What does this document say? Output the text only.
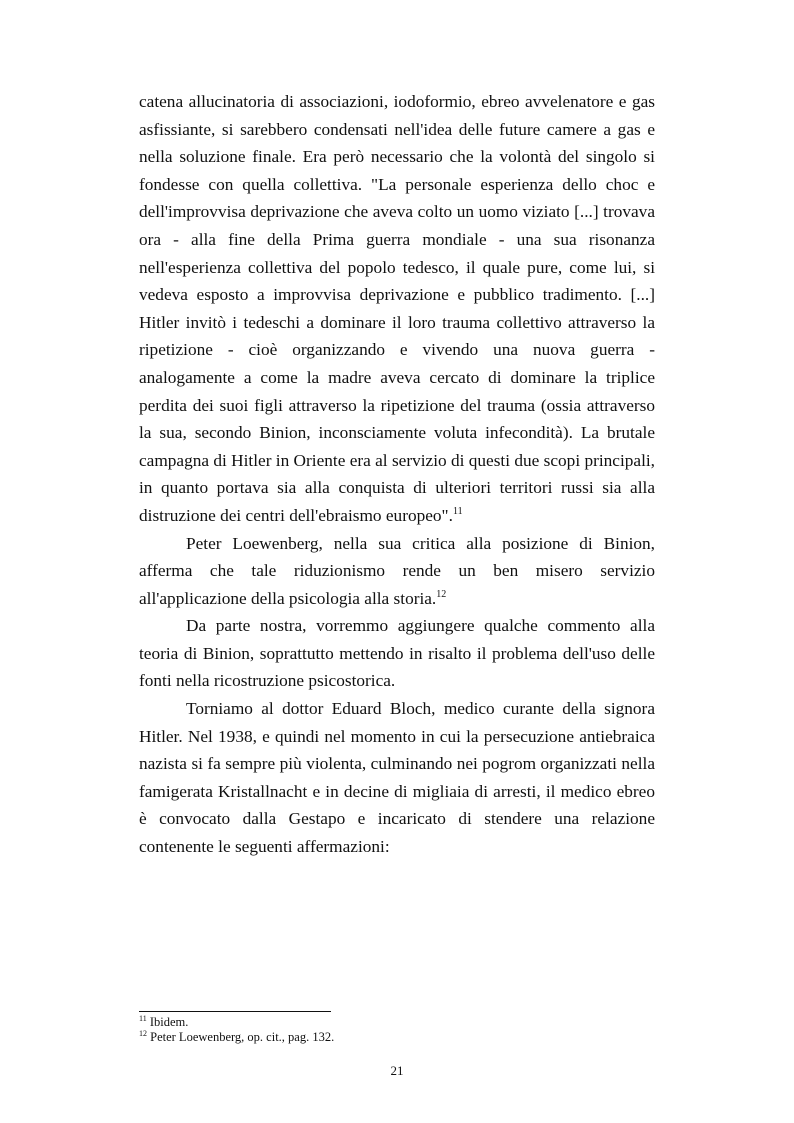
catena allucinatoria di associazioni, iodoformio, ebreo avvelenatore e gas asfissiante, si sarebbero condensati nell'idea delle future camere a gas e nella soluzione finale. Era però necessario che la volontà del singolo si fondesse con quella collettiva. "La personale esperienza dello choc e dell'improvvisa deprivazione che aveva colto un uomo viziato [...] trovava ora - alla fine della Prima guerra mondiale - una sua risonanza nell'esperienza collettiva del popolo tedesco, il quale pure, come lui, si vedeva esposto a improvvisa deprivazione e pubblico tradimento. [...] Hitler invitò i tedeschi a dominare il loro trauma collettivo attraverso la ripetizione - cioè organizzando e vivendo una nuova guerra - analogamente a come la madre aveva cercato di dominare la triplice perdita dei suoi figli attraverso la ripetizione del trauma (ossia attraverso la sua, secondo Binion, inconsciamente voluta infecondità). La brutale campagna di Hitler in Oriente era al servizio di questi due scopi principali, in quanto portava sia alla conquista di ulteriori territori russi sia alla distruzione dei centri dell'ebraismo europeo".$^{11}$

Peter Loewenberg, nella sua critica alla posizione di Binion, afferma che tale riduzionismo rende un ben misero servizio all'applicazione della psicologia alla storia.$^{12}$

Da parte nostra, vorremmo aggiungere qualche commento alla teoria di Binion, soprattutto mettendo in risalto il problema dell'uso delle fonti nella ricostruzione psicostorica.

Torniamo al dottor Eduard Bloch, medico curante della signora Hitler. Nel 1938, e quindi nel momento in cui la persecuzione antiebraica nazista si fa sempre più violenta, culminando nei pogrom organizzati nella famigerata Kristallnacht e in decine di migliaia di arresti, il medico ebreo è convocato dalla Gestapo e incaricato di stendere una relazione contenente le seguenti affermazioni:

$^{11}$ Ibidem.
$^{12}$ Peter Loewenberg, op. cit., pag. 132.
21
